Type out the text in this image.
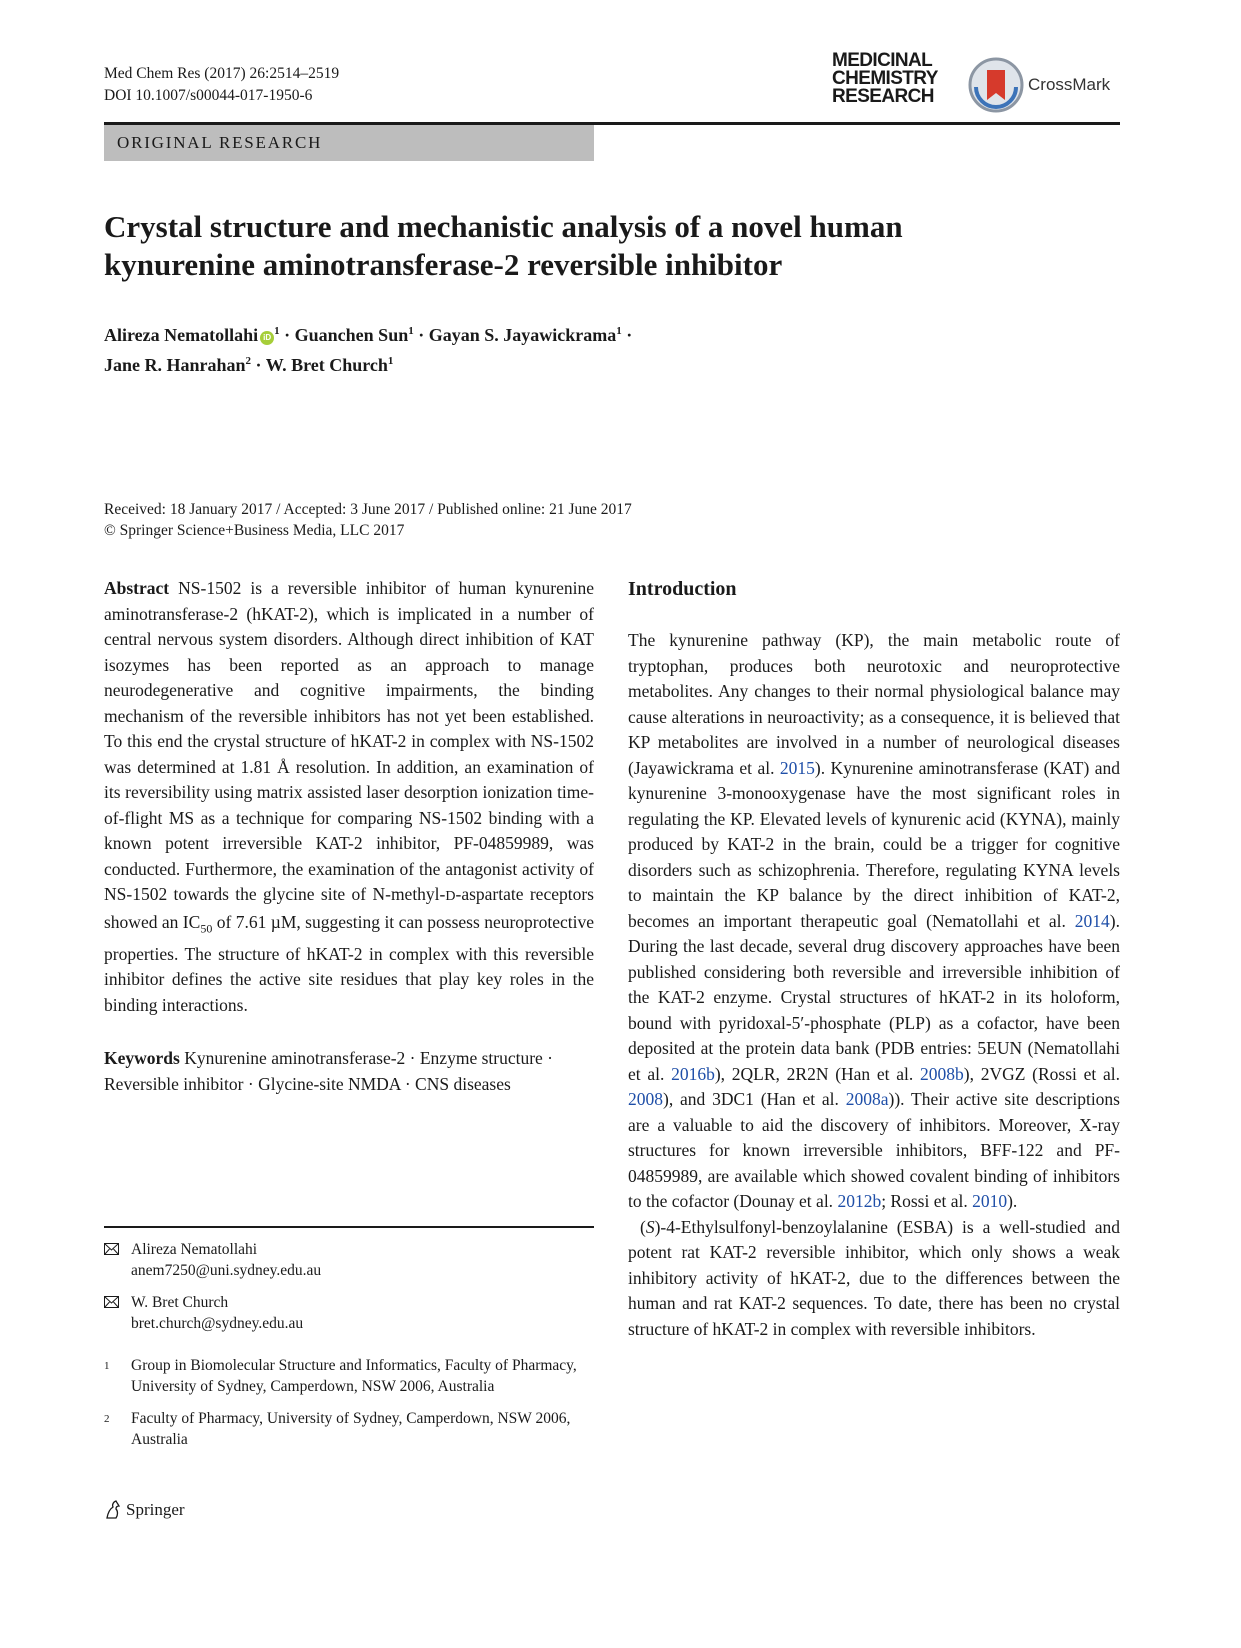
Med Chem Res (2017) 26:2514–2519
DOI 10.1007/s00044-017-1950-6
MEDICINAL
CHEMISTRY
RESEARCH
CrossMark
ORIGINAL RESEARCH
Crystal structure and mechanistic analysis of a novel human kynurenine aminotransferase-2 reversible inhibitor
Alireza Nematollahi $iD^1$ · Guanchen Sun$^1$ · Gayan S. Jayawickrama$^1$ ·
Jane R. Hanrahan$^2$ · W. Bret Church$^1$
Received: 18 January 2017 / Accepted: 3 June 2017 / Published online: 21 June 2017
© Springer Science+Business Media, LLC 2017

Abstract NS-1502 is a reversible inhibitor of human kynurenine aminotransferase-2 (hKAT-2), which is implicated in a number of central nervous system disorders. Although direct inhibition of KAT isozymes has been reported as an approach to manage neurodegenerative and cognitive impairments, the binding mechanism of the reversible inhibitors has not yet been established. To this end the crystal structure of hKAT-2 in complex with NS-1502 was determined at 1.81 Å resolution. In addition, an examination of its reversibility using matrix assisted laser desorption ionization time-of-flight MS as a technique for comparing NS-1502 binding with a known potent irreversible KAT-2 inhibitor, PF-04859989, was conducted. Furthermore, the examination of the antagonist activity of NS-1502 towards the glycine site of N-methyl-D-aspartate receptors showed an $IC_{50}$ of 7.61 µM, suggesting it can possess neuroprotective properties. The structure of hKAT-2 in complex with this reversible inhibitor defines the active site residues that play key roles in the binding interactions.

Keywords Kynurenine aminotransferase-2 · Enzyme structure · Reversible inhibitor · Glycine-site NMDA · CNS diseases

Alireza Nematollahi
anem7250@uni.sydney.edu.au
W. Bret Church
bret.church@sydney.edu.au
1	Group in Biomolecular Structure and Informatics, Faculty of Pharmacy, University of Sydney, Camperdown, NSW 2006, Australia
2	Faculty of Pharmacy, University of Sydney, Camperdown, NSW 2006, Australia
Introduction

The kynurenine pathway (KP), the main metabolic route of tryptophan, produces both neurotoxic and neuroprotective metabolites. Any changes to their normal physiological balance may cause alterations in neuroactivity; as a consequence, it is believed that KP metabolites are involved in a number of neurological diseases (Jayawickrama et al. 2015). Kynurenine aminotransferase (KAT) and kynurenine 3-monooxygenase have the most significant roles in regulating the KP. Elevated levels of kynurenic acid (KYNA), mainly produced by KAT-2 in the brain, could be a trigger for cognitive disorders such as schizophrenia. Therefore, regulating KYNA levels to maintain the KP balance by the direct inhibition of KAT-2, becomes an important therapeutic goal (Nematollahi et al. 2014). During the last decade, several drug discovery approaches have been published considering both reversible and irreversible inhibition of the KAT-2 enzyme. Crystal structures of hKAT-2 in its holoform, bound with pyridoxal-5′-phosphate (PLP) as a cofactor, have been deposited at the protein data bank (PDB entries: 5EUN (Nematollahi et al. 2016b), 2QLR, 2R2N (Han et al. 2008b), 2VGZ (Rossi et al. 2008), and 3DC1 (Han et al. 2008a)). Their active site descriptions are a valuable to aid the discovery of inhibitors. Moreover, X-ray structures for known irreversible inhibitors, BFF-122 and PF-04859989, are available which showed covalent binding of inhibitors to the cofactor (Dounay et al. 2012b; Rossi et al. 2010).

(S)-4-Ethylsulfonyl-benzoylalanine (ESBA) is a well-studied and potent rat KAT-2 reversible inhibitor, which only shows a weak inhibitory activity of hKAT-2, due to the differences between the human and rat KAT-2 sequences. To date, there has been no crystal structure of hKAT-2 in complex with reversible inhibitors.

Springer
